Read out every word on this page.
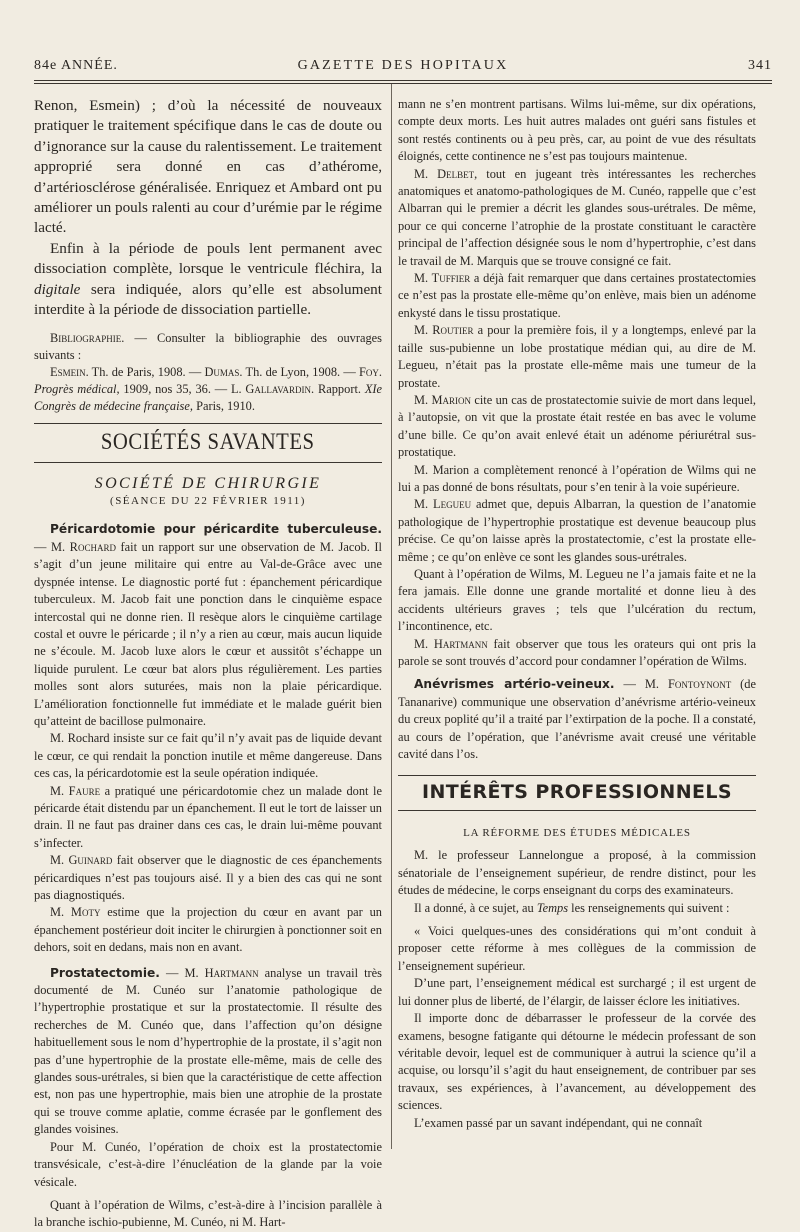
84e ANNÉE.	GAZETTE DES HOPITAUX	341

Renon, Esmein) ; d’où la nécessité de nouveaux pratiquer le traitement spécifique dans le cas de doute ou d’ignorance sur la cause du ralentissement. Le traitement approprié sera donné en cas d’athérome, d’artériosclérose généralisée. Enriquez et Ambard ont pu améliorer un pouls ralenti au cour d’urémie par le régime lacté.

Enfin à la période de pouls lent permanent avec dissociation complète, lorsque le ventricule fléchira, la digitale sera indiquée, alors qu’elle est absolument interdite à la période de dissociation partielle.

Bibliographie. — Consulter la bibliographie des ouvrages suivants :

Esmein. Th. de Paris, 1908. — Dumas. Th. de Lyon, 1908. — Foy. Progrès médical, 1909, nos 35, 36. — L. Gallavardin. Rapport. XIe Congrès de médecine française, Paris, 1910.

SOCIÉTÉS SAVANTES
SOCIÉTÉ DE CHIRURGIE
(SÉANCE DU 22 FÉVRIER 1911)

Péricardotomie pour péricardite tuberculeuse. — M. Rochard fait un rapport sur une observation de M. Jacob. Il s’agit d’un jeune militaire qui entre au Val-de-Grâce avec une dyspnée intense. Le diagnostic porté fut : épanchement péricardique tuberculeux. M. Jacob fait une ponction dans le cinquième espace intercostal qui ne donne rien. Il resèque alors le cinquième cartilage costal et ouvre le péricarde ; il n’y a rien au cœur, mais aucun liquide ne s’écoule. M. Jacob luxe alors le cœur et aussitôt s’échappe un liquide purulent. Le cœur bat alors plus régulièrement. Les parties molles sont alors suturées, mais non la plaie péricardique. L’amélioration fonctionnelle fut immédiate et le malade guérit bien qu’atteint de bacillose pulmonaire.

M. Rochard insiste sur ce fait qu’il n’y avait pas de liquide devant le cœur, ce qui rendait la ponction inutile et même dangereuse. Dans ces cas, la péricardotomie est la seule opération indiquée.

M. Faure a pratiqué une péricardotomie chez un malade dont le péricarde était distendu par un épanchement. Il eut le tort de laisser un drain. Il ne faut pas drainer dans ces cas, le drain lui-même pouvant s’infecter.

M. Guinard fait observer que le diagnostic de ces épanchements péricardiques n’est pas toujours aisé. Il y a bien des cas qui ne sont pas diagnostiqués.

M. Moty estime que la projection du cœur en avant par un épanchement postérieur doit inciter le chirurgien à ponctionner soit en dehors, soit en dedans, mais non en avant.

Prostatectomie. — M. Hartmann analyse un travail très documenté de M. Cunéo sur l’anatomie pathologique de l’hypertrophie prostatique et sur la prostatectomie. Il résulte des recherches de M. Cunéo que, dans l’affection qu’on désigne habituellement sous le nom d’hypertrophie de la prostate, il s’agit non pas d’une hypertrophie de la prostate elle-même, mais de celle des glandes sous-urétrales, si bien que la caractéristique de cette affection est, non pas une hypertrophie, mais bien une atrophie de la prostate qui se trouve comme aplatie, comme écrasée par le gonflement des glandes voisines.

Pour M. Cunéo, l’opération de choix est la prostatectomie transvésicale, c’est-à-dire l’énucléation de la glande par la voie vésicale.

Quant à l’opération de Wilms, c’est-à-dire à l’incision parallèle à la branche ischio-pubienne, M. Cunéo, ni M. Hart-

mann ne s’en montrent partisans. Wilms lui-même, sur dix opérations, compte deux morts. Les huit autres malades ont guéri sans fistules et sont restés continents ou à peu près, car, au point de vue des résultats éloignés, cette continence ne s’est pas toujours maintenue.

M. Delbet, tout en jugeant très intéressantes les recherches anatomiques et anatomo-pathologiques de M. Cunéo, rappelle que c’est Albarran qui le premier a décrit les glandes sous-urétrales. De même, pour ce qui concerne l’atrophie de la prostate constituant le caractère principal de l’affection désignée sous le nom d’hypertrophie, c’est dans le travail de M. Marquis que se trouve consigné ce fait.

M. Tuffier a déjà fait remarquer que dans certaines prostatectomies ce n’est pas la prostate elle-même qu’on enlève, mais bien un adénome enkysté dans le tissu prostatique.

M. Routier a pour la première fois, il y a longtemps, enlevé par la taille sus-pubienne un lobe prostatique médian qui, au dire de M. Legueu, n’était pas la prostate elle-même mais une tumeur de la prostate.

M. Marion cite un cas de prostatectomie suivie de mort dans lequel, à l’autopsie, on vit que la prostate était restée en bas avec le volume d’une bille. Ce qu’on avait enlevé était un adénome périurétral sus-prostatique.

M. Marion a complètement renoncé à l’opération de Wilms qui ne lui a pas donné de bons résultats, pour s’en tenir à la voie supérieure.

M. Legueu admet que, depuis Albarran, la question de l’anatomie pathologique de l’hypertrophie prostatique est devenue beaucoup plus précise. Ce qu’on laisse après la prostatectomie, c’est la prostate elle-même ; ce qu’on enlève ce sont les glandes sous-urétrales.

Quant à l’opération de Wilms, M. Legueu ne l’a jamais faite et ne la fera jamais. Elle donne une grande mortalité et donne lieu à des accidents ultérieurs graves ; tels que l’ulcération du rectum, l’incontinence, etc.

M. Hartmann fait observer que tous les orateurs qui ont pris la parole se sont trouvés d’accord pour condamner l’opération de Wilms.

Anévrismes artério-veineux. — M. Fontoynont (de Tananarive) communique une observation d’anévrisme artério-veineux du creux poplité qu’il a traité par l’extirpation de la poche. Il a constaté, au cours de l’opération, que l’anévrisme avait creusé une véritable cavité dans l’os.

INTÉRÊTS PROFESSIONNELS
LA RÉFORME DES ÉTUDES MÉDICALES

M. le professeur Lannelongue a proposé, à la commission sénatoriale de l’enseignement supérieur, de rendre distinct, pour les études de médecine, le corps enseignant du corps des examinateurs.

Il a donné, à ce sujet, au Temps les renseignements qui suivent :

« Voici quelques-unes des considérations qui m’ont conduit à proposer cette réforme à mes collègues de la commission de l’enseignement supérieur.

D’une part, l’enseignement médical est surchargé ; il est urgent de lui donner plus de liberté, de l’élargir, de laisser éclore les initiatives.

Il importe donc de débarrasser le professeur de la corvée des examens, besogne fatigante qui détourne le médecin professant de son véritable devoir, lequel est de communiquer à autrui la science qu’il a acquise, ou lorsqu’il s’agit du haut enseignement, de contribuer par ses travaux, ses expériences, à l’avancement, au développement des sciences.

L’examen passé par un savant indépendant, qui ne connaît
